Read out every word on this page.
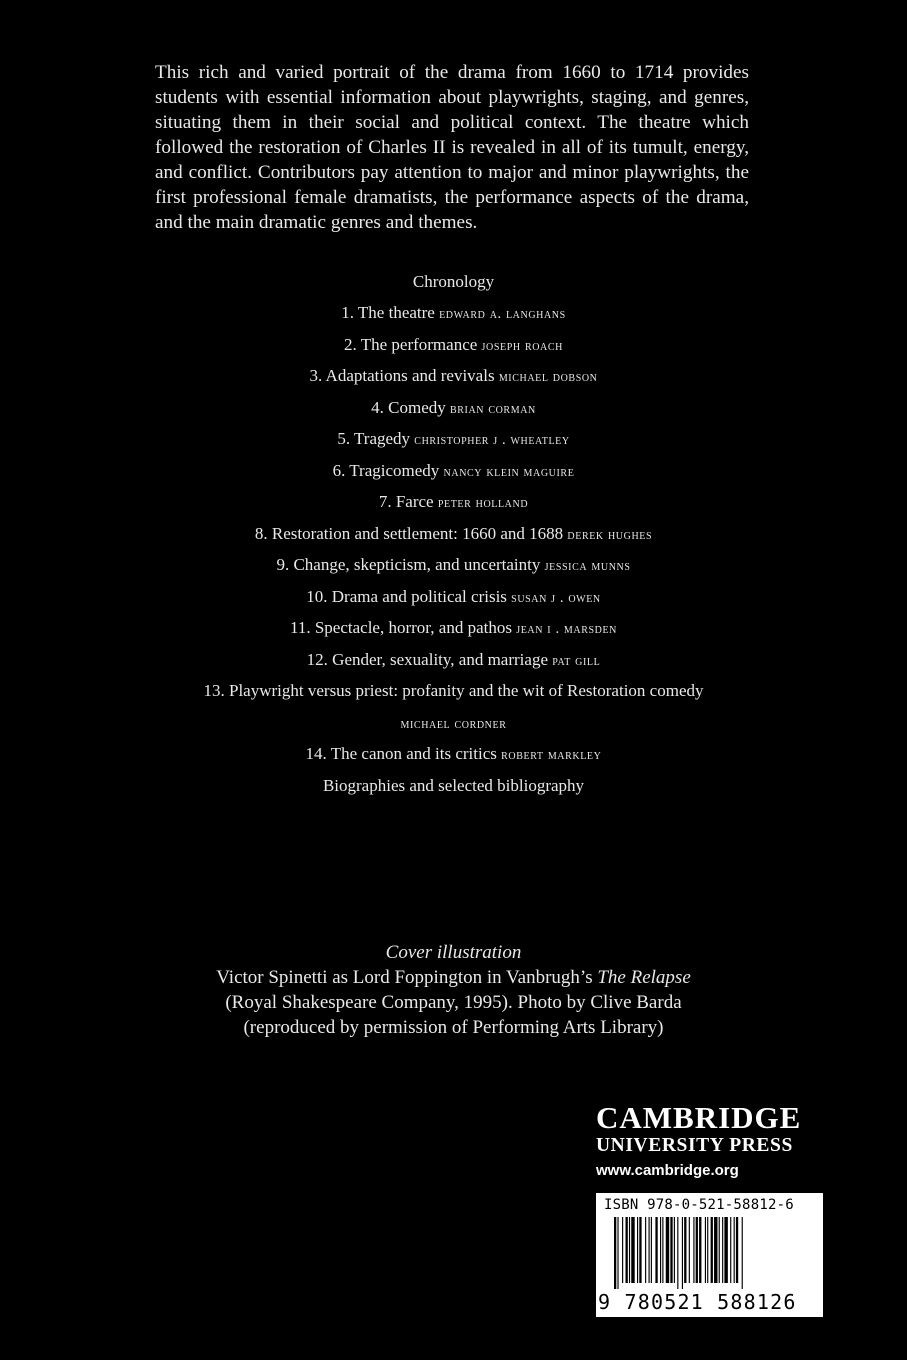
This rich and varied portrait of the drama from 1660 to 1714 provides students with essential information about playwrights, staging, and genres, situating them in their social and political context. The theatre which followed the restoration of Charles II is revealed in all of its tumult, energy, and conflict. Contributors pay attention to major and minor playwrights, the first professional female dramatists, the performance aspects of the drama, and the main dramatic genres and themes.

Chronology
1. The theatre edward a. langhans
2. The performance joseph roach
3. Adaptations and revivals michael dobson
4. Comedy brian corman
5. Tragedy christopher j . wheatley
6. Tragicomedy nancy klein maguire
7. Farce peter holland
8. Restoration and settlement: 1660 and 1688 derek hughes
9. Change, skepticism, and uncertainty jessica munns
10. Drama and political crisis susan j . owen
11. Spectacle, horror, and pathos jean i . marsden
12. Gender, sexuality, and marriage pat gill
13. Playwright versus priest: profanity and the wit of Restoration comedy
michael cordner
14. The canon and its critics robert markley
Biographies and selected bibliography
Cover illustration
Victor Spinetti as Lord Foppington in Vanbrugh’s The Relapse
(Royal Shakespeare Company, 1995). Photo by Clive Barda
(reproduced by permission of Performing Arts Library)
CAMBRIDGE
UNIVERSITY PRESS
www.cambridge.org
ISBN 978-0-521-58812-6
9 780521 588126 >
